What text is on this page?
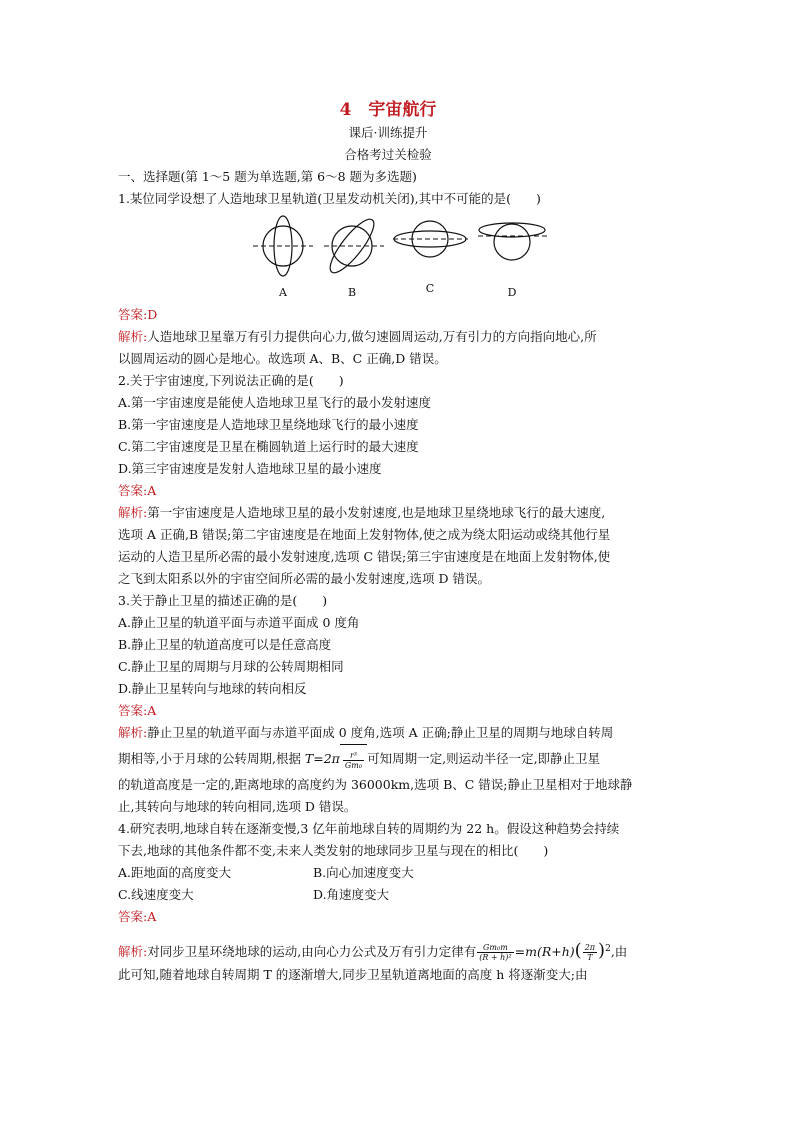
4　宇宙航行
课后·训练提升
合格考过关检验
一、选择题(第 1～5 题为单选题,第 6～8 题为多选题)
1.某位同学设想了人造地球卫星轨道(卫星发动机关闭),其中不可能的是(　　)
A	B	C	D
答案:D
解析:人造地球卫星靠万有引力提供向心力,做匀速圆周运动,万有引力的方向指向地心,所
以圆周运动的圆心是地心。故选项 A、B、C 正确,D 错误。
2.关于宇宙速度,下列说法正确的是(　　)
A.第一宇宙速度是能使人造地球卫星飞行的最小发射速度
B.第一宇宙速度是人造地球卫星绕地球飞行的最小速度
C.第二宇宙速度是卫星在椭圆轨道上运行时的最大速度
D.第三宇宙速度是发射人造地球卫星的最小速度
答案:A
解析:第一宇宙速度是人造地球卫星的最小发射速度,也是地球卫星绕地球飞行的最大速度,
选项 A 正确,B 错误;第二宇宙速度是在地面上发射物体,使之成为绕太阳运动或绕其他行星
运动的人造卫星所必需的最小发射速度,选项 C 错误;第三宇宙速度是在地面上发射物体,使
之飞到太阳系以外的宇宙空间所必需的最小发射速度,选项 D 错误。
3.关于静止卫星的描述正确的是(　　)
A.静止卫星的轨道平面与赤道平面成 0 度角
B.静止卫星的轨道高度可以是任意高度
C.静止卫星的周期与月球的公转周期相同
D.静止卫星转向与地球的转向相反
答案:A
解析:静止卫星的轨道平面与赤道平面成 0 度角,选项 A 正确;静止卫星的周期与地球自转周
期相等,小于月球的公转周期,根据 $T=2\pi \frac{\text{r³}}{\text{Gm₀}}$ 可知周期一定,则运动半径一定,即静止卫星
的轨道高度是一定的,距离地球的高度约为 36000km,选项 B、C 错误;静止卫星相对于地球静
止,其转向与地球的转向相同,选项 D 错误。
4.研究表明,地球自转在逐渐变慢,3 亿年前地球自转的周期约为 22 h。假设这种趋势会持续
下去,地球的其他条件都不变,未来人类发射的地球同步卫星与现在的相比(　　)
A.距地面的高度变大	B.向心加速度变大
C.线速度变大	D.角速度变大
答案:A
解析:对同步卫星环绕地球的运动,由向心力公式及万有引力定律有 $\frac{\text{Gm₀m}}{\text{(R + h)²}} =m(R+h)( \frac{2\pi}{T} )^2$,由
此可知,随着地球自转周期 T 的逐渐增大,同步卫星轨道离地面的高度 h 将逐渐变大;由
